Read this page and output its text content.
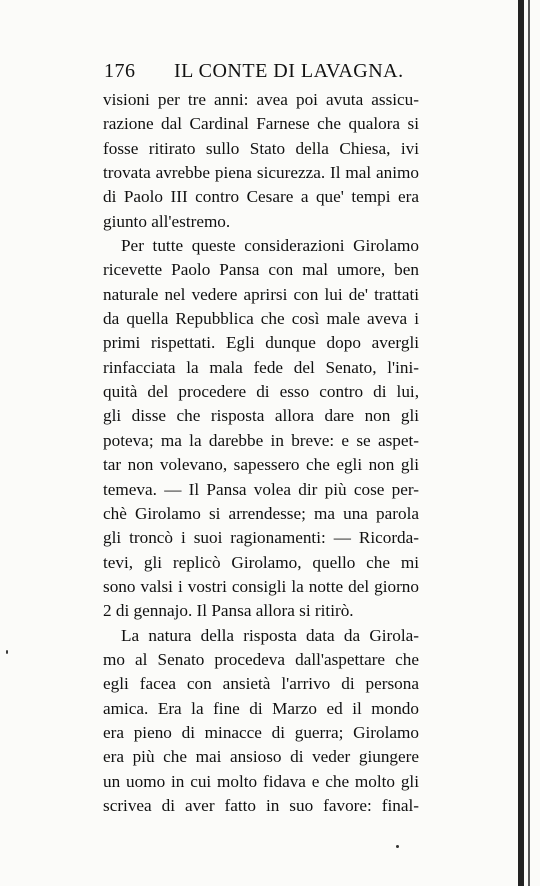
176 IL CONTE DI LAVAGNA.
visioni per tre anni: avea poi avuta assicu-
razione dal Cardinal Farnese che qualora si
fosse ritirato sullo Stato della Chiesa, ivi
trovata avrebbe piena sicurezza. Il mal animo
di Paolo III contro Cesare a que' tempi era
giunto all'estremo.
Per tutte queste considerazioni Girolamo
ricevette Paolo Pansa con mal umore, ben
naturale nel vedere aprirsi con lui de' trattati
da quella Repubblica che così male aveva i
primi rispettati. Egli dunque dopo avergli
rinfacciata la mala fede del Senato, l'ini-
quità del procedere di esso contro di lui,
gli disse che risposta allora dare non gli
poteva; ma la darebbe in breve: e se aspet-
tar non volevano, sapessero che egli non gli
temeva. — Il Pansa volea dir più cose per-
chè Girolamo si arrendesse; ma una parola
gli troncò i suoi ragionamenti: — Ricorda-
tevi, gli replicò Girolamo, quello che mi
sono valsi i vostri consigli la notte del giorno
2 di gennajo. Il Pansa allora si ritirò.
La natura della risposta data da Girola-
mo al Senato procedeva dall'aspettare che
egli facea con ansietà l'arrivo di persona
amica. Era la fine di Marzo ed il mondo
era pieno di minacce di guerra; Girolamo
era più che mai ansioso di veder giungere
un uomo in cui molto fidava e che molto gli
scrivea di aver fatto in suo favore: final-
